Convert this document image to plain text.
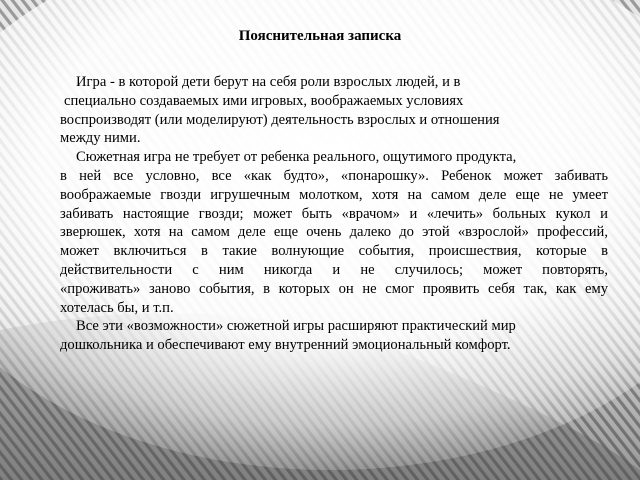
Пояснительная записка
Игра - в которой дети берут на себя роли взрослых людей, и в
специально создаваемых ими игровых, воображаемых условиях
воспроизводят (или моделируют) деятельность взрослых и отношения
между ними.
Сюжетная игра не требует от ребенка реального, ощутимого продукта,
в ней все условно, все «как будто», «понарошку». Ребенок может забивать
воображаемые гвозди игрушечным молотком, хотя на самом деле еще не умеет
забивать настоящие гвозди; может быть «врачом» и «лечить» больных кукол и
зверюшек, хотя на самом деле еще очень далеко до этой «взрослой» профессий,
может включиться в такие волнующие события, происшествия, которые в
действительности с ним никогда и не случилось; может повторять,
«проживать» заново события, в которых он не смог проявить себя так, как ему
хотелась бы, и т.п.
Все эти «возможности» сюжетной игры расширяют практический мир
дошкольника и обеспечивают ему внутренний эмоциональный комфорт.
